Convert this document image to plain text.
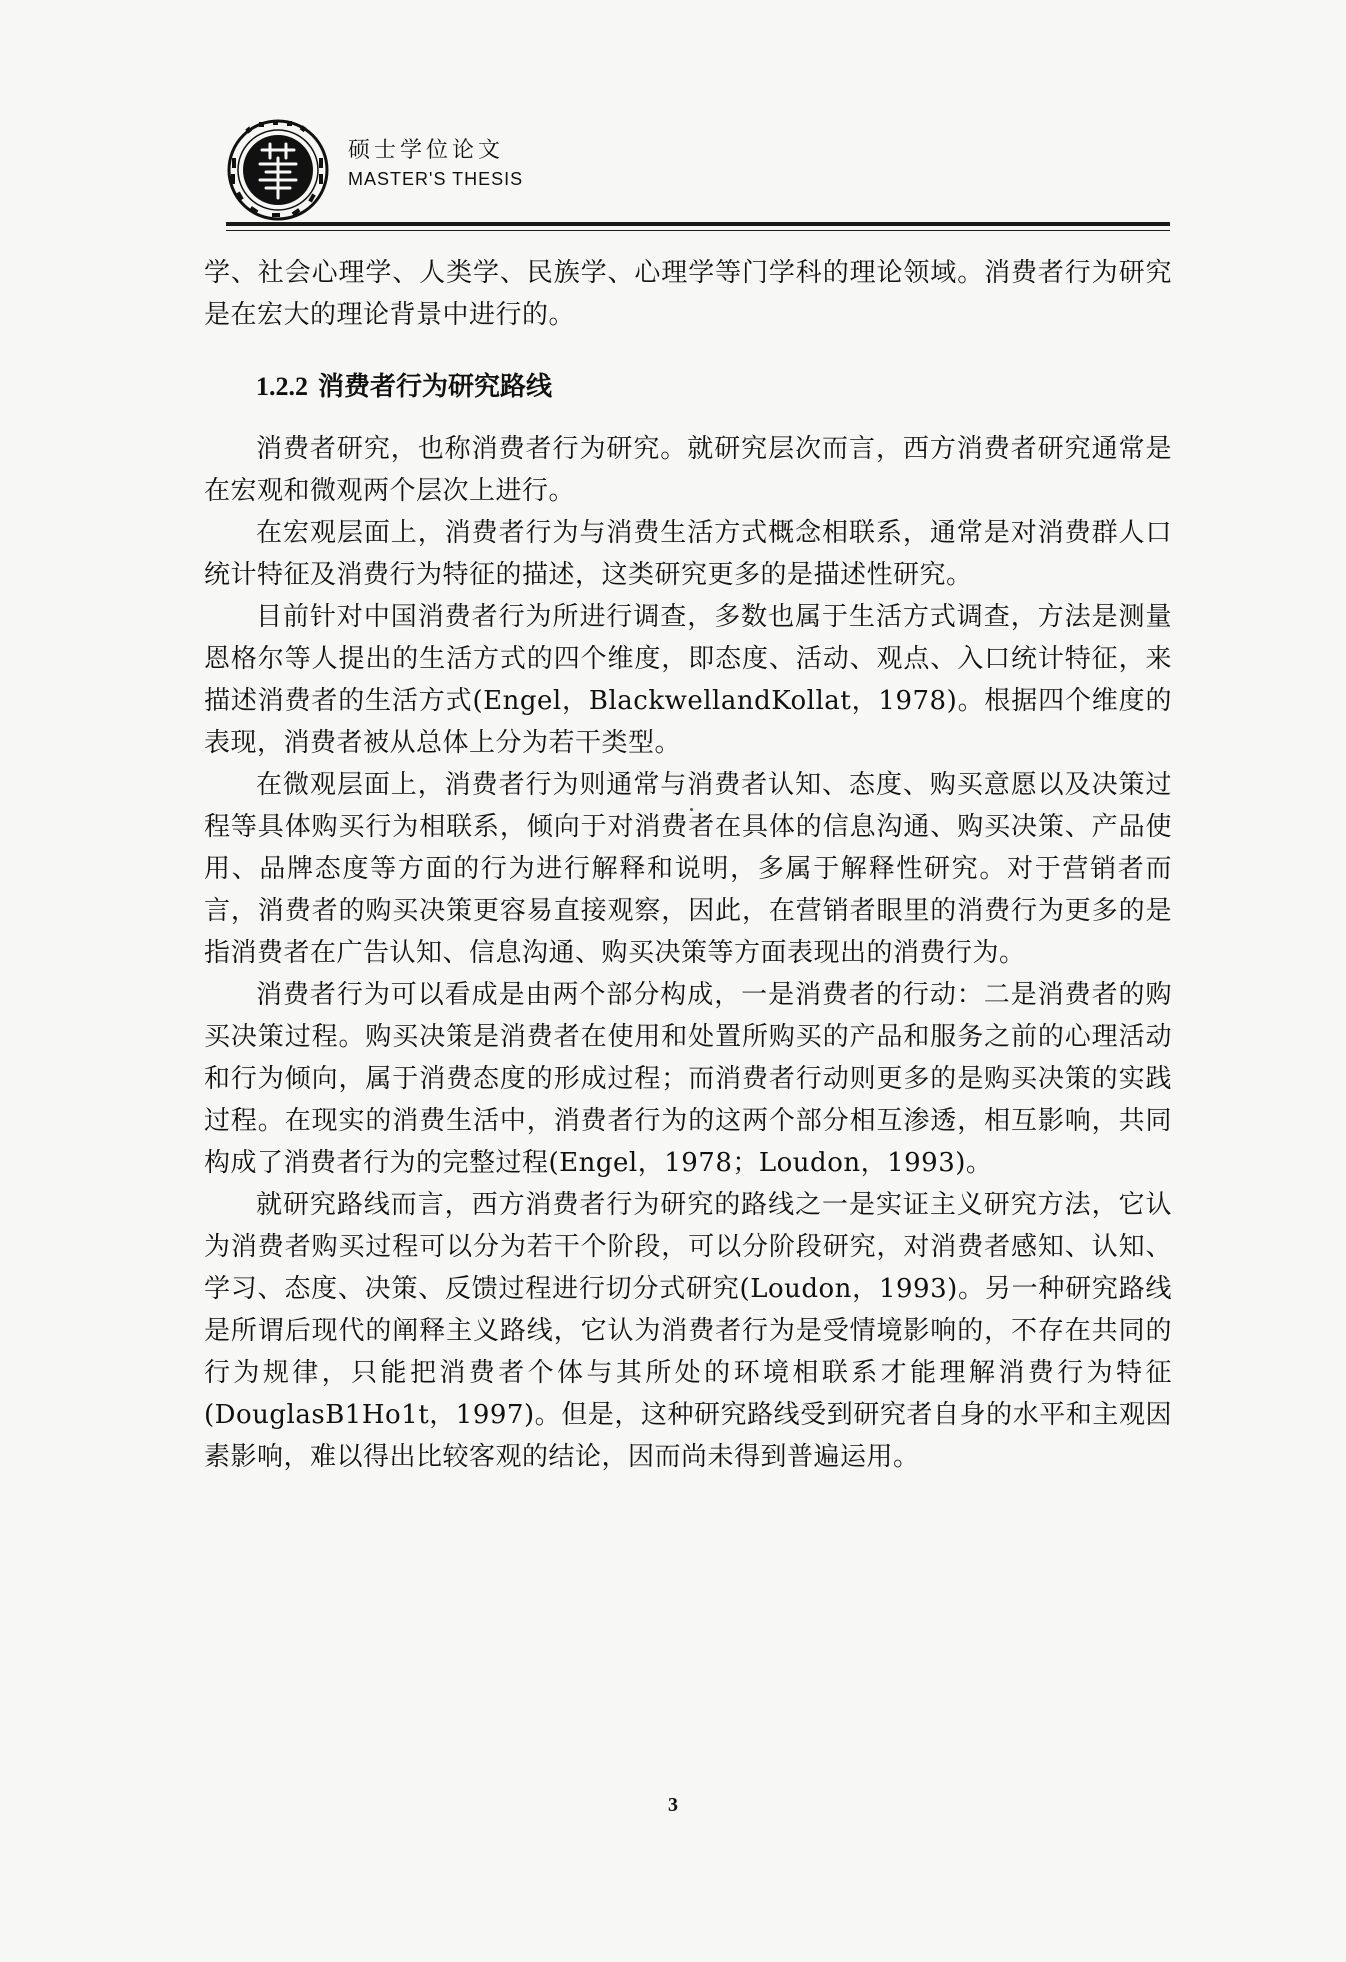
硕士学位论文
MASTER'S THESIS

学、社会心理学、人类学、民族学、心理学等门学科的理论领域。消费者行为研究是在宏大的理论背景中进行的。

1.2.2 消费者行为研究路线

消费者研究，也称消费者行为研究。就研究层次而言，西方消费者研究通常是在宏观和微观两个层次上进行。

在宏观层面上，消费者行为与消费生活方式概念相联系，通常是对消费群人口统计特征及消费行为特征的描述，这类研究更多的是描述性研究。

目前针对中国消费者行为所进行调查，多数也属于生活方式调查，方法是测量恩格尔等人提出的生活方式的四个维度，即态度、活动、观点、入口统计特征，来描述消费者的生活方式(Engel，BlackwellandKollat，1978)。根据四个维度的表现，消费者被从总体上分为若干类型。

在微观层面上，消费者行为则通常与消费者认知、态度、购买意愿以及决策过程等具体购买行为相联系，倾向于对消费者在具体的信息沟通、购买决策、产品使用、品牌态度等方面的行为进行解释和说明，多属于解释性研究。对于营销者而言，消费者的购买决策更容易直接观察，因此，在营销者眼里的消费行为更多的是指消费者在广告认知、信息沟通、购买决策等方面表现出的消费行为。

消费者行为可以看成是由两个部分构成，一是消费者的行动：二是消费者的购买决策过程。购买决策是消费者在使用和处置所购买的产品和服务之前的心理活动和行为倾向，属于消费态度的形成过程；而消费者行动则更多的是购买决策的实践过程。在现实的消费生活中，消费者行为的这两个部分相互渗透，相互影响，共同构成了消费者行为的完整过程(Engel，1978；Loudon，1993)。

就研究路线而言，西方消费者行为研究的路线之一是实证主义研究方法，它认为消费者购买过程可以分为若干个阶段，可以分阶段研究，对消费者感知、认知、学习、态度、决策、反馈过程进行切分式研究(Loudon，1993)。另一种研究路线是所谓后现代的阐释主义路线，它认为消费者行为是受情境影响的，不存在共同的行为规律，只能把消费者个体与其所处的环境相联系才能理解消费行为特征(DouglasB1Ho1t，1997)。但是，这种研究路线受到研究者自身的水平和主观因素影响，难以得出比较客观的结论，因而尚未得到普遍运用。

3
